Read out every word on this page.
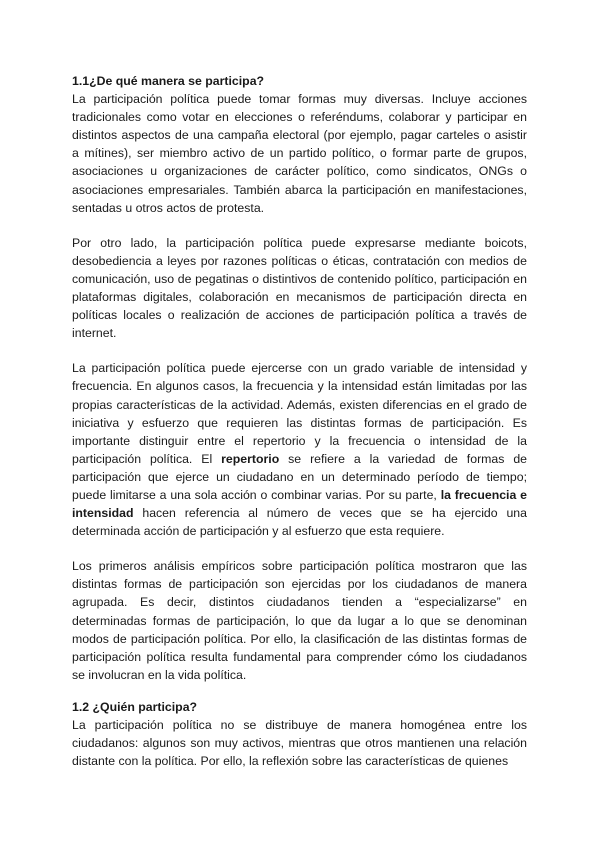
1.1¿De qué manera se participa?

La participación política puede tomar formas muy diversas. Incluye acciones tradicionales como votar en elecciones o referéndums, colaborar y participar en distintos aspectos de una campaña electoral (por ejemplo, pagar carteles o asistir a mítines), ser miembro activo de un partido político, o formar parte de grupos, asociaciones u organizaciones de carácter político, como sindicatos, ONGs o asociaciones empresariales. También abarca la participación en manifestaciones, sentadas u otros actos de protesta.

Por otro lado, la participación política puede expresarse mediante boicots, desobediencia a leyes por razones políticas o éticas, contratación con medios de comunicación, uso de pegatinas o distintivos de contenido político, participación en plataformas digitales, colaboración en mecanismos de participación directa en políticas locales o realización de acciones de participación política a través de internet.

La participación política puede ejercerse con un grado variable de intensidad y frecuencia. En algunos casos, la frecuencia y la intensidad están limitadas por las propias características de la actividad. Además, existen diferencias en el grado de iniciativa y esfuerzo que requieren las distintas formas de participación. Es importante distinguir entre el repertorio y la frecuencia o intensidad de la participación política. El repertorio se refiere a la variedad de formas de participación que ejerce un ciudadano en un determinado período de tiempo; puede limitarse a una sola acción o combinar varias. Por su parte, la frecuencia e intensidad hacen referencia al número de veces que se ha ejercido una determinada acción de participación y al esfuerzo que esta requiere.

Los primeros análisis empíricos sobre participación política mostraron que las distintas formas de participación son ejercidas por los ciudadanos de manera agrupada. Es decir, distintos ciudadanos tienden a “especializarse” en determinadas formas de participación, lo que da lugar a lo que se denominan modos de participación política. Por ello, la clasificación de las distintas formas de participación política resulta fundamental para comprender cómo los ciudadanos se involucran en la vida política.

1.2 ¿Quién participa?

La participación política no se distribuye de manera homogénea entre los ciudadanos: algunos son muy activos, mientras que otros mantienen una relación distante con la política. Por ello, la reflexión sobre las características de quienes
